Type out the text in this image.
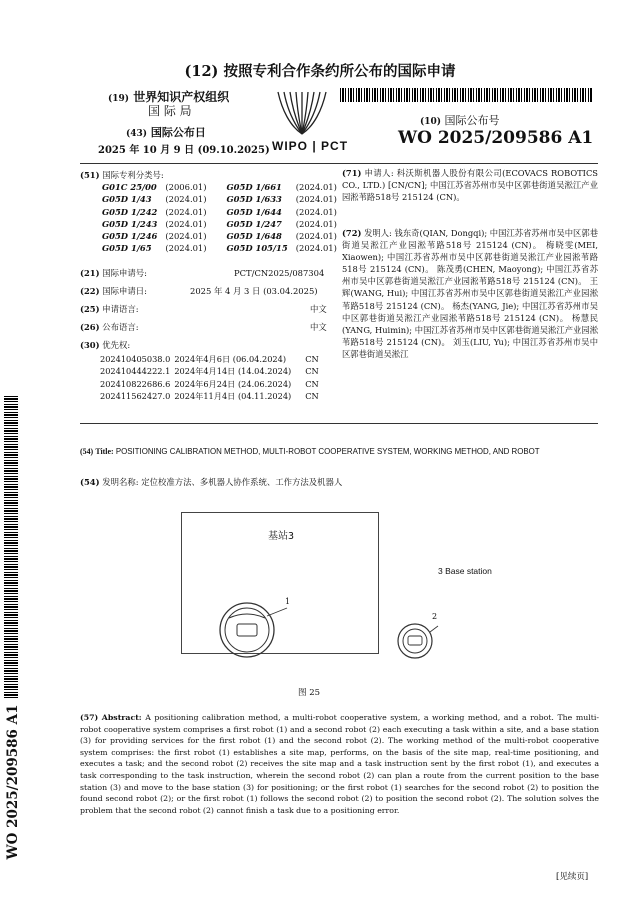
(12) 按照专利合作条约所公布的国际申请
(19) 世界知识产权组织
国 际 局
(43) 国际公布日
2025 年 10 月 9 日 (09.10.2025) WIPO | PCT
(10) 国际公布号
WO 2025/209586 A1
(51) 国际专利分类号:
G01C 25/00	(2006.01)	G05D 1/661	(2024.01)
G05D 1/43	(2024.01)	G05D 1/633	(2024.01)
G05D 1/242	(2024.01)	G05D 1/644	(2024.01)
G05D 1/243	(2024.01)	G05D 1/247	(2024.01)
G05D 1/246	(2024.01)	G05D 1/648	(2024.01)
G05D 1/65	(2024.01)	G05D 105/15	(2024.01)
(21) 国际申请号:	PCT/CN2025/087304
(22) 国际申请日:	2025 年 4 月 3 日 (03.04.2025)
(25) 申请语言:	中文
(26) 公布语言:	中文
(30) 优先权:
202410405038.0	2024年4月6日 (06.04.2024)	CN
202410444222.1	2024年4月14日 (14.04.2024)	CN
202410822686.6	2024年6月24日 (24.06.2024)	CN
202411562427.0	2024年11月4日 (04.11.2024)	CN
(71) 申请人: 科沃斯机器人股份有限公司(ECOVACS ROBOTICS CO., LTD.) [CN/CN]; 中国江苏省苏州市吴中区郭巷街道吴淞江产业园淞苇路518号 215124 (CN)。
(72) 发明人: 钱东奇(QIAN, Dongqi); 中国江苏省苏州市吴中区郭巷街道吴淞江产业园淞苇路518号 215124 (CN)。 梅晓雯(MEI, Xiaowen); 中国江苏省苏州市吴中区郭巷街道吴淞江产业园淞苇路518号 215124 (CN)。 陈茂勇(CHEN, Maoyong); 中国江苏省苏州市吴中区郭巷街道吴淞江产业园淞苇路518号 215124 (CN)。 王辉(WANG, Hui); 中国江苏省苏州市吴中区郭巷街道吴淞江产业园淞苇路518号 215124 (CN)。 杨杰(YANG, Jie); 中国江苏省苏州市吴中区郭巷街道吴淞江产业园淞苇路518号 215124 (CN)。 杨慧民(YANG, Huimin); 中国江苏省苏州市吴中区郭巷街道吴淞江产业园淞苇路518号 215124 (CN)。 刘玉(LIU, Yu); 中国江苏省苏州市吴中区郭巷街道吴淞江
WO 2025/209586 A1
(54) Title: POSITIONING CALIBRATION METHOD, MULTI-ROBOT COOPERATIVE SYSTEM, WORKING METHOD, AND ROBOT
(54) 发明名称: 定位校准方法、多机器人协作系统、工作方法及机器人
基站3
1
2
3 Base station
图 25
(57) Abstract: A positioning calibration method, a multi-robot cooperative system, a working method, and a robot. The multi-robot cooperative system comprises a first robot (1) and a second robot (2) each executing a task within a site, and a base station (3) for providing services for the first robot (1) and the second robot (2). The working method of the multi-robot cooperative system comprises: the first robot (1) establishes a site map, performs, on the basis of the site map, real-time positioning, and executes a task; and the second robot (2) receives the site map and a task instruction sent by the first robot (1), and executes a task corresponding to the task instruction, wherein the second robot (2) can plan a route from the current position to the base station (3) and move to the base station (3) for positioning; or the first robot (1) searches for the second robot (2) to position the found second robot (2); or the first robot (1) follows the second robot (2) to position the second robot (2). The solution solves the problem that the second robot (2) cannot finish a task due to a positioning error.
[见续页]
